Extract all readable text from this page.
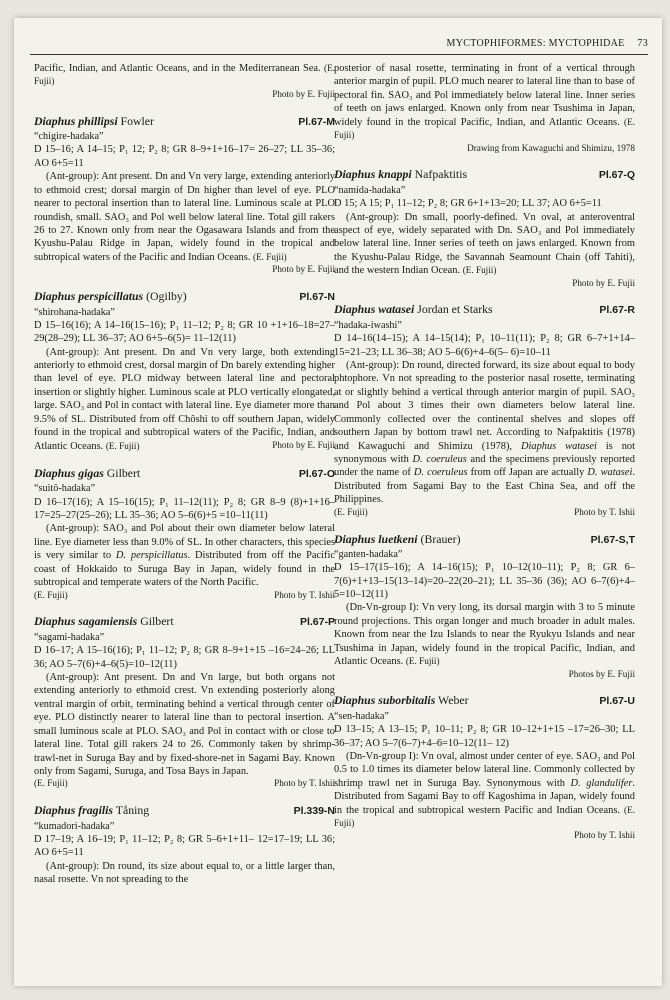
MYCTOPHIFORMES: MYCTOPHIDAE 73

Pacific, Indian, and Atlantic Oceans, and in the Mediterranean Sea. (E. Fujii)

Photo by E. Fujii
Diaphus phillipsi Fowler	Pl.67-M
“chigire-hadaka”

D 15–16; A 14–15; P₁ 12; P₂ 8; GR 8–9+1+16–17= 26–27; LL 35–36; AO 6+5=11

(Ant-group): Ant present. Dn and Vn very large, extending anteriorly to ethmoid crest; dorsal margin of Dn higher than level of eye. PLO nearer to pectoral insertion than to lateral line. Luminous scale at PLO roundish, small. SAO₃ and Pol well below lateral line. Total gill rakers 26 to 27. Known only from near the Ogasawara Islands and from the Kyushu-Palau Ridge in Japan, widely found in the tropical and subtropical waters of the Pacific and Indian Oceans. (E. Fujii)

Photo by E. Fujii
Diaphus perspicillatus (Ogilby)	Pl.67-N
“shirohana-hadaka”

D 15–16(16); A 14–16(15–16); P₁ 11–12; P₂ 8; GR 10 +1+16–18=27–29(28–29); LL 36–37; AO 6+5–6(5)= 11–12(11)

(Ant-group): Ant present. Dn and Vn very large, both extending anteriorly to ethmoid crest, dorsal margin of Dn barely extending higher than level of eye. PLO midway between lateral line and pectoral insertion or slightly higher. Luminous scale at PLO vertically elongated, large. SAO₃ and Pol in contact with lateral line. Eye diameter more than 9.5% of SL. Distributed from off Chôshi to off southern Japan, widely found in the tropical and subtropical waters of the Pacific, Indian, and Atlantic Oceans. (E. Fujii)	Photo by E. Fujii

Diaphus gigas Gilbert	Pl.67-O
“suitô-hadaka”

D 16–17(16); A 15–16(15); P₁ 11–12(11); P₂ 8; GR 8–9 (8)+1+16–17=25–27(25–26); LL 35–36; AO 5–6(6)+5 =10–11(11)

(Ant-group): SAO₃ and Pol about their own diameter below lateral line. Eye diameter less than 9.0% of SL. In other characters, this species is very similar to D. perspicillatus. Distributed from off the Pacific coast of Hokkaido to Suruga Bay in Japan, widely found in the subtropical and temperate waters of the North Pacific.

(E. Fujii)	Photo by T. Ishii
Diaphus sagamiensis Gilbert	Pl.67-P
“sagami-hadaka”

D 16–17; A 15–16(16); P₁ 11–12; P₂ 8; GR 8–9+1+15 –16=24–26; LL 36; AO 5–7(6)+4–6(5)=10–12(11)

(Ant-group): Ant present. Dn and Vn large, but both organs not extending anteriorly to ethmoid crest. Vn extending posteriorly along ventral margin of orbit, terminating behind a vertical through center of eye. PLO distinctly nearer to lateral line than to pectoral insertion. A small luminous scale at PLO. SAO₃ and Pol in contact with or close to lateral line. Total gill rakers 24 to 26. Commonly taken by shrimp-trawl-net in Suruga Bay and by fixed-shore-net in Sagami Bay. Known only from Sagami, Suruga, and Tosa Bays in Japan.

(E. Fujii)	Photo by T. Ishii
Diaphus fragilis Tåning	Pl.339-N
“kumadori-hadaka”

D 17–19; A 16–19; P₁ 11–12; P₂ 8; GR 5–6+1+11– 12=17–19; LL 36; AO 6+5=11

(Ant-group): Dn round, its size about equal to, or a little larger than, nasal rosette. Vn not spreading to the

posterior of nasal rosette, terminating in front of a vertical through anterior margin of pupil. PLO much nearer to lateral line than to base of pectoral fin. SAO₃ and Pol immediately below lateral line. Inner series of teeth on jaws enlarged. Known only from near Tsushima in Japan, widely found in the tropical Pacific, Indian, and Atlantic Oceans. (E. Fujii)

Drawing from Kawaguchi and Shimizu, 1978
Diaphus knappi Nafpaktitis	Pl.67-Q
“namida-hadaka”

D 15; A 15; P₁ 11–12; P₂ 8; GR 6+1+13=20; LL 37; AO 6+5=11

(Ant-group): Dn small, poorly-defined. Vn oval, at anteroventral aspect of eye, widely separated with Dn. SAO₃ and Pol immediately below lateral line. Inner series of teeth on jaws enlarged. Known from the Kyushu-Palau Ridge, the Savannah Seamount Chain (off Tahiti), and the western Indian Ocean. (E. Fujii)

Photo by E. Fujii
Diaphus watasei Jordan et Starks	Pl.67-R
“hadaka-iwashi”

D 14–16(14–15); A 14–15(14); P₁ 10–11(11); P₂ 8; GR 6–7+1+14–15=21–23; LL 36–38; AO 5–6(6)+4–6(5– 6)=10–11

(Ant-group): Dn round, directed forward, its size about equal to body phtophore. Vn not spreading to the posterior nasal rosette, terminating at or slightly behind a vertical through anterior margin of pupil. SAO₃ and Pol about 3 times their own diameters below lateral line. Commonly collected over the continental shelves and slopes off southern Japan by bottom trawl net. According to Nafpaktitis (1978) and Kawaguchi and Shimizu (1978), Diaphus watasei is not synonymous with D. coeruleus and the specimens previously reported under the name of D. coeruleus from off Japan are actually D. watasei. Distributed from Sagami Bay to the East China Sea, and off the Philippines.

(E. Fujii)	Photo by T. Ishii
Diaphus luetkeni (Brauer)	Pl.67-S,T
“ganten-hadaka”

D 15–17(15–16); A 14–16(15); P₁ 10–12(10–11); P₂ 8; GR 6–7(6)+1+13–15(13–14)=20–22(20–21); LL 35–36 (36); AO 6–7(6)+4–5=10–12(11)

(Dn-Vn-group I): Vn very long, its dorsal margin with 3 to 5 minute round projections. This organ longer and much broader in adult males. Known from near the Izu Islands to near the Ryukyu Islands and near Tsushima in Japan, widely found in the tropical Pacific, Indian, and Atlantic Oceans. (E. Fujii)

Photos by E. Fujii
Diaphus suborbitalis Weber	Pl.67-U
“sen-hadaka”

D 13–15; A 13–15; P₁ 10–11; P₂ 8; GR 10–12+1+15 –17=26–30; LL 36–37; AO 5–7(6–7)+4–6=10–12(11– 12)

(Dn-Vn-group I): Vn oval, almost under center of eye. SAO₃ and Pol 0.5 to 1.0 times its diameter below lateral line. Commonly collected by shrimp trawl net in Suruga Bay. Synonymous with D. glandulifer. Distributed from Sagami Bay to off Kagoshima in Japan, widely found in the tropical and subtropical western Pacific and Indian Oceans. (E. Fujii)

Photo by T. Ishii
